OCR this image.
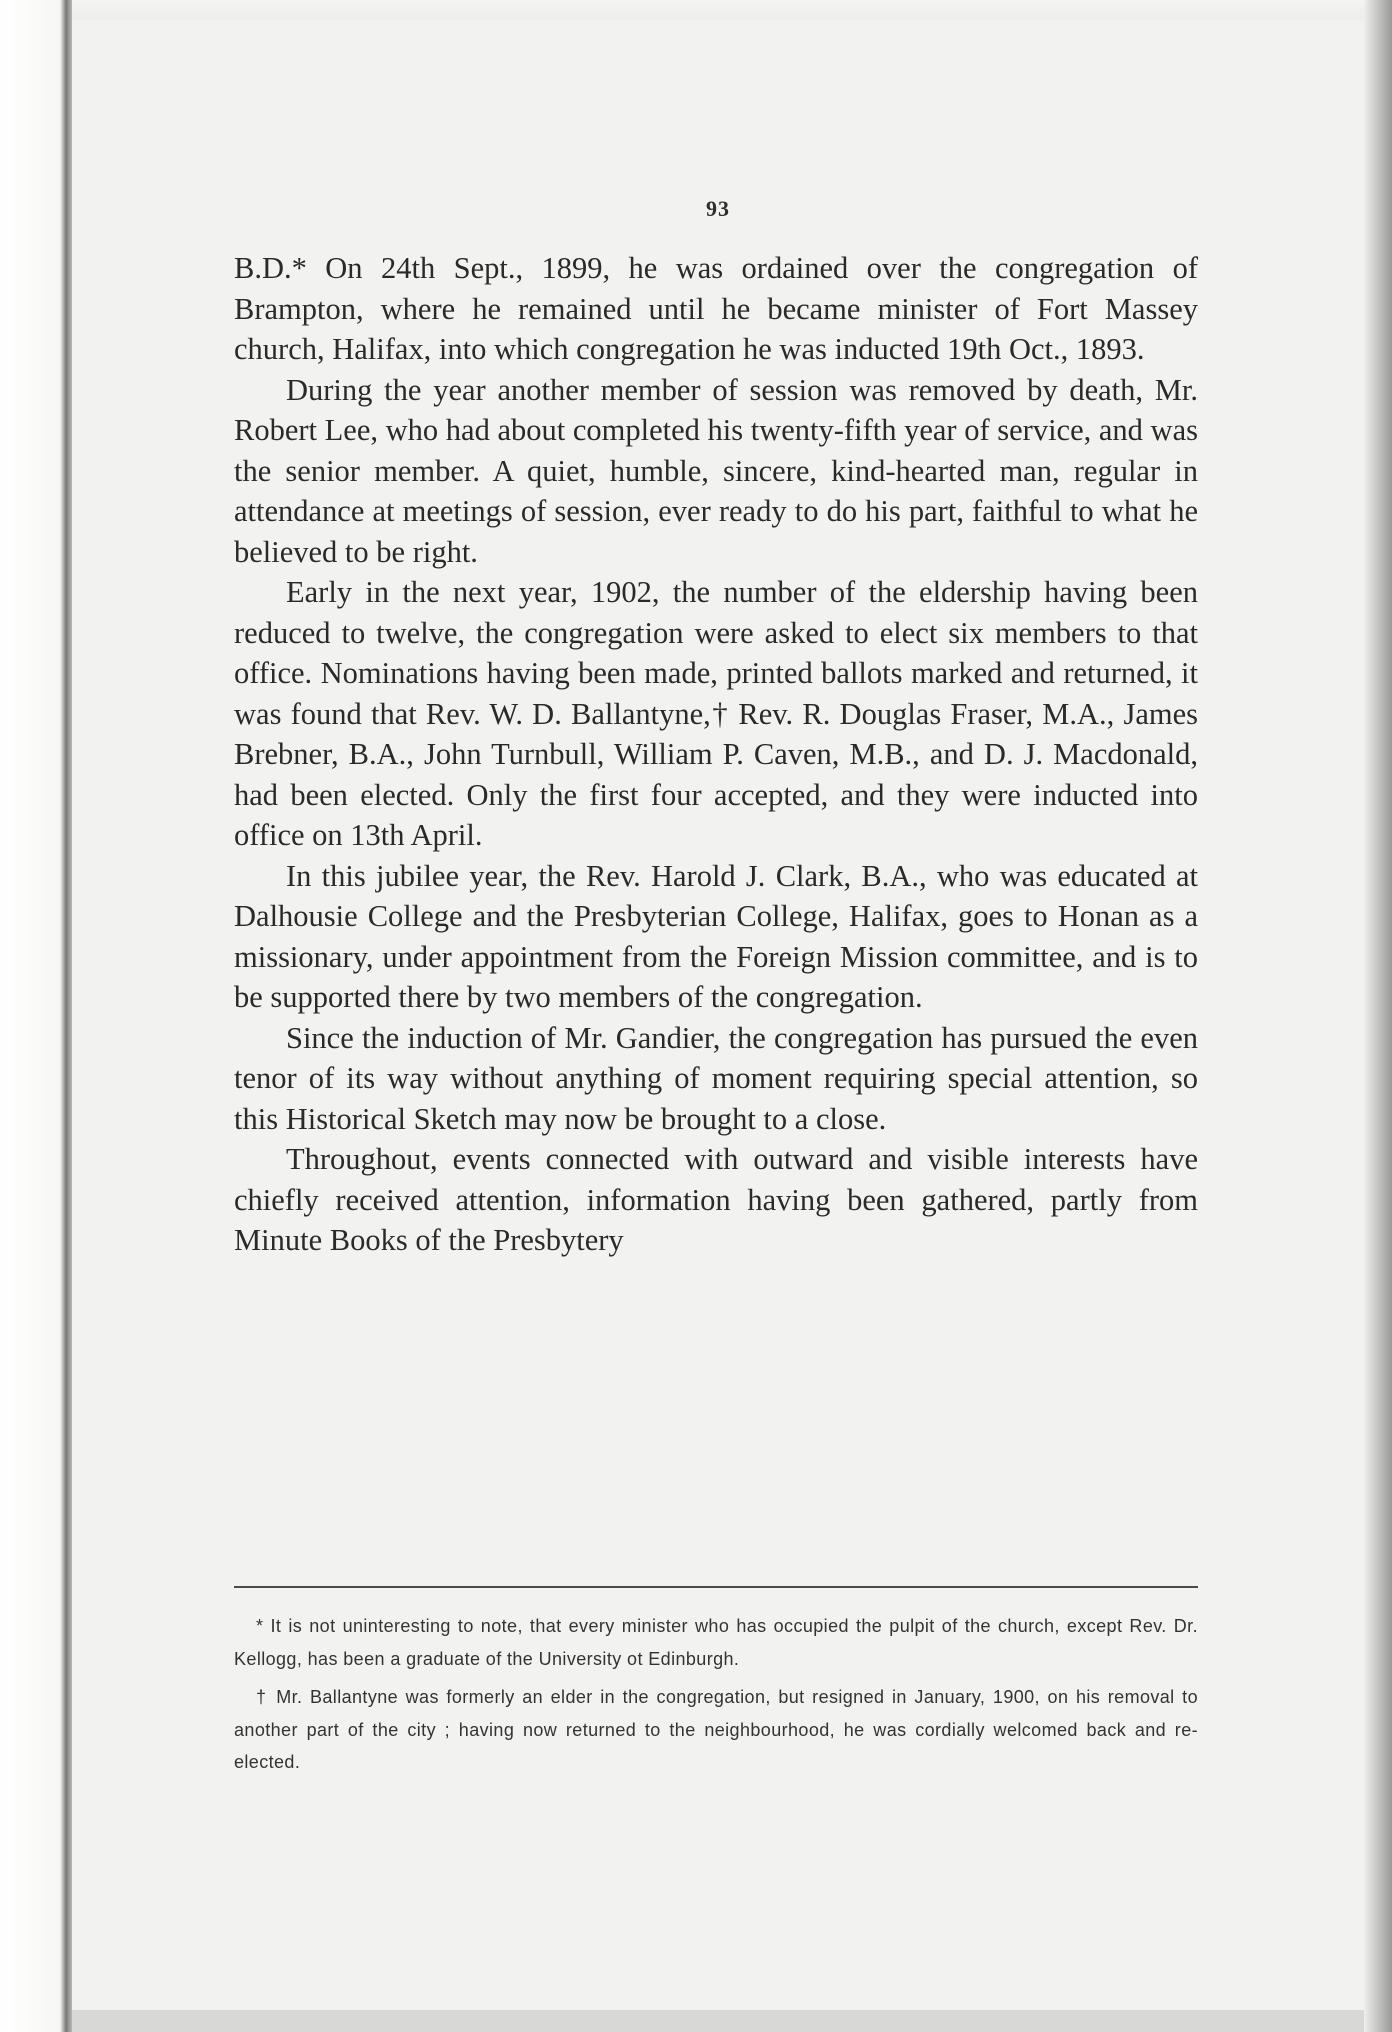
93

B.D.* On 24th Sept., 1899, he was ordained over the congregation of Brampton, where he remained until he became minister of Fort Massey church, Halifax, into which congregation he was inducted 19th Oct., 1893.

During the year another member of session was removed by death, Mr. Robert Lee, who had about completed his twenty-fifth year of service, and was the senior member. A quiet, humble, sincere, kind-hearted man, regular in attendance at meetings of session, ever ready to do his part, faithful to what he believed to be right.

Early in the next year, 1902, the number of the eldership having been reduced to twelve, the congregation were asked to elect six members to that office. Nominations having been made, printed ballots marked and returned, it was found that Rev. W. D. Ballantyne,† Rev. R. Douglas Fraser, M.A., James Brebner, B.A., John Turnbull, William P. Caven, M.B., and D. J. Macdonald, had been elected. Only the first four accepted, and they were inducted into office on 13th April.

In this jubilee year, the Rev. Harold J. Clark, B.A., who was educated at Dalhousie College and the Presbyterian College, Halifax, goes to Honan as a missionary, under appointment from the Foreign Mission committee, and is to be supported there by two members of the congregation.

Since the induction of Mr. Gandier, the congregation has pursued the even tenor of its way without anything of moment requiring special attention, so this Historical Sketch may now be brought to a close.

Throughout, events connected with outward and visible interests have chiefly received attention, information having been gathered, partly from Minute Books of the Presbytery

* It is not uninteresting to note, that every minister who has occupied the pulpit of the church, except Rev. Dr. Kellogg, has been a graduate of the University ot Edinburgh.

† Mr. Ballantyne was formerly an elder in the congregation, but resigned in January, 1900, on his removal to another part of the city ; having now returned to the neighbourhood, he was cordially welcomed back and re-elected.
